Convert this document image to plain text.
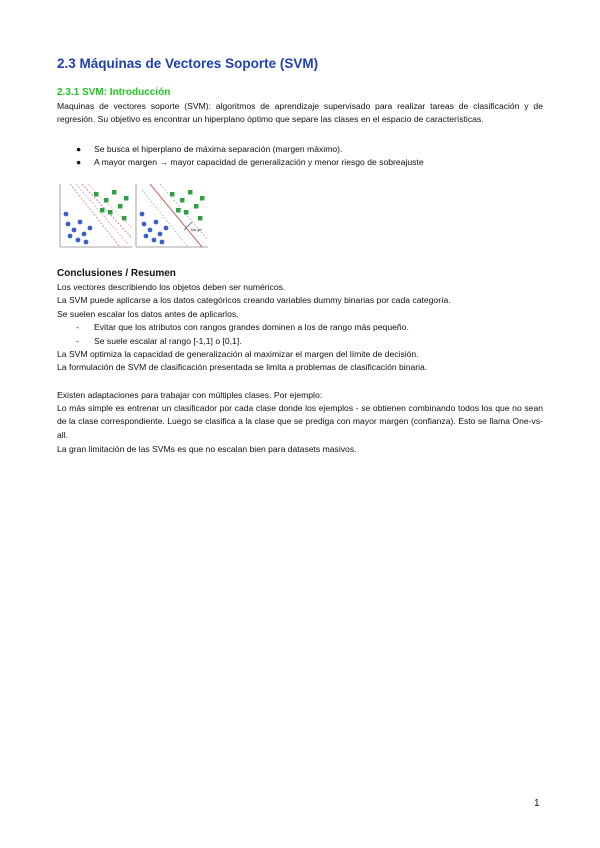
2.3 Máquinas de Vectores Soporte (SVM)
2.3.1 SVM: Introducción

Maquinas de vectores soporte (SVM): algoritmos de aprendizaje supervisado para realizar tareas de clasificación y de regresión. Su objetivo es encontrar un hiperplano óptimo que separe las clases en el espacio de características.

● Se busca el hiperplano de máxima separación (margen máximo).
● A mayor margen → mayor capacidad de generalización y menor riesgo de sobreajuste
Mar-gin
Conclusiones / Resumen
Los vectores describiendo los objetos deben ser numéricos.
La SVM puede aplicarse a los datos categóricos creando variables dummy binarias por cada categoría.
Se suelen escalar los datos antes de aplicarlos.
- Evitar que los atributos con rangos grandes dominen a los de rango más pequeño.
- Se suele escalar al rango [-1,1] o [0,1].
La SVM optimiza la capacidad de generalización al maximizar el margen del límite de decisión.
La formulación de SVM de clasificación presentada se limita a problemas de clasificación binaria.
Existen adaptaciones para trabajar con múltiples clases. Por ejemplo:

Lo más simple es entrenar un clasificador por cada clase donde los ejemplos - se obtienen combinando todos los que no sean de la clase correspondiente. Luego se clasifica a la clase que se prediga con mayor margen (confianza). Esto se llama One-vs-all.

La gran limitación de las SVMs es que no escalan bien para datasets masivos.
1
